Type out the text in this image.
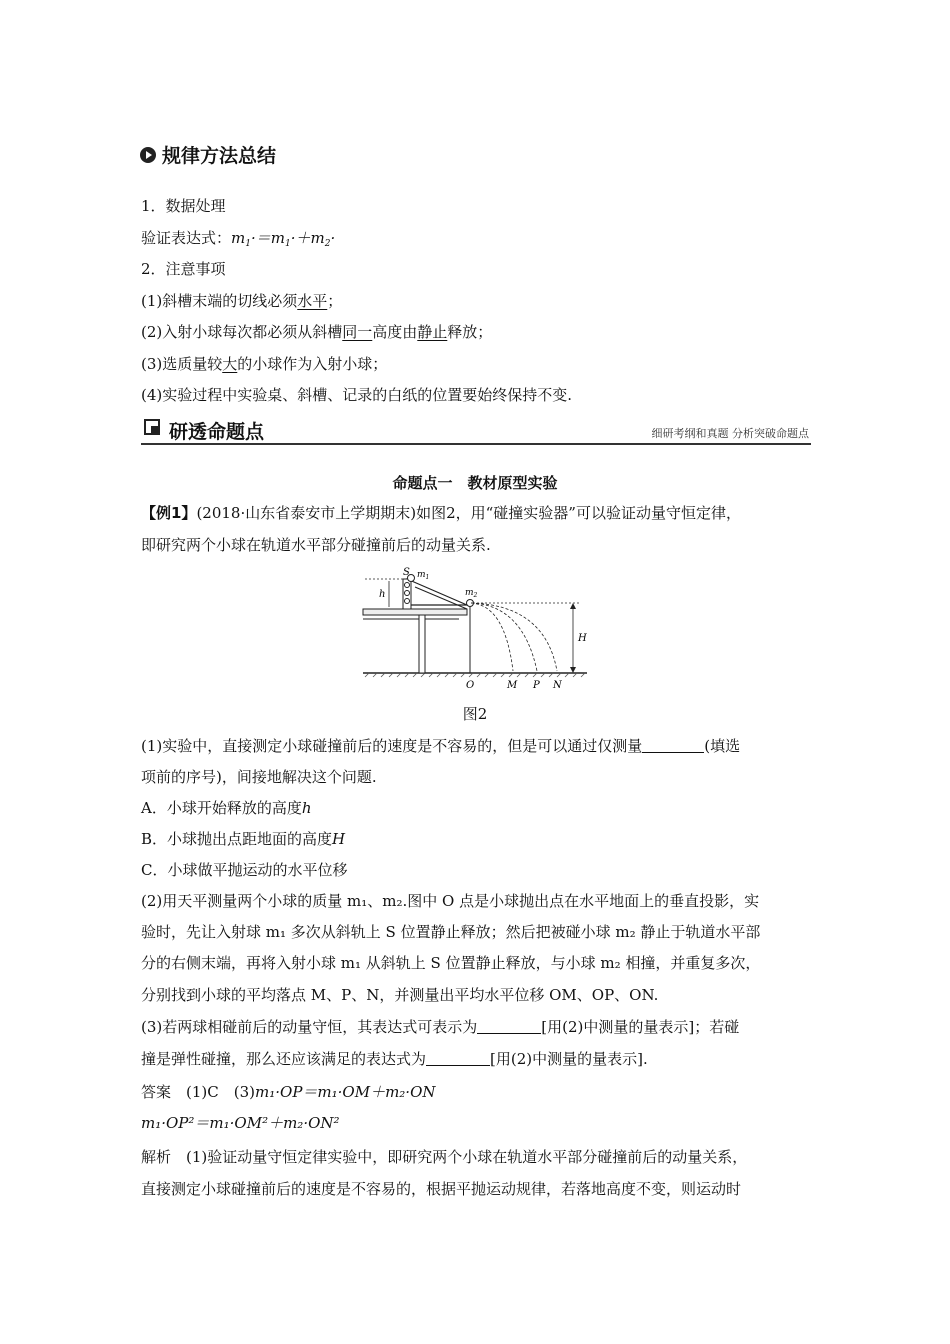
规律方法总结
1．数据处理
验证表达式：$m_1\cdot=m_1\cdot+m_2\cdot$
2．注意事项
(1)斜槽末端的切线必须水平；
(2)入射小球每次都必须从斜槽同一高度由静止释放；
(3)选质量较大的小球作为入射小球；
(4)实验过程中实验桌、斜槽、记录的白纸的位置要始终保持不变.
研透命题点	细研考纲和真题 分析突破命题点
命题点一　教材原型实验
【例1】(2018·山东省泰安市上学期期末)如图2，用“碰撞实验器”可以验证动量守恒定律，
即研究两个小球在轨道水平部分碰撞前后的动量关系.
S $m_1$
h	$m_2$
H
O	M P N
图2
(1)实验中，直接测定小球碰撞前后的速度是不容易的，但是可以通过仅测量	(填选
项前的序号)，间接地解决这个问题.
A．小球开始释放的高度h
B．小球抛出点距地面的高度H
C．小球做平抛运动的水平位移
(2)用天平测量两个小球的质量 m₁、m₂.图中 O 点是小球抛出点在水平地面上的垂直投影，实
验时，先让入射球 m₁ 多次从斜轨上 S 位置静止释放；然后把被碰小球 m₂ 静止于轨道水平部
分的右侧末端，再将入射小球 m₁ 从斜轨上 S 位置静止释放，与小球 m₂ 相撞，并重复多次，
分别找到小球的平均落点 M、P、N，并测量出平均水平位移 OM、OP、ON.
(3)若两球相碰前后的动量守恒，其表达式可表示为	[用(2)中测量的量表示]；若碰
撞是弹性碰撞，那么还应该满足的表达式为	[用(2)中测量的量表示].
答案　 (1)C　(3)m₁·OP＝m₁·OM＋m₂·ON
m₁·OP²＝m₁·OM²＋m₂·ON²
解析　 (1)验证动量守恒定律实验中，即研究两个小球在轨道水平部分碰撞前后的动量关系，
直接测定小球碰撞前后的速度是不容易的，根据平抛运动规律，若落地高度不变，则运动时
